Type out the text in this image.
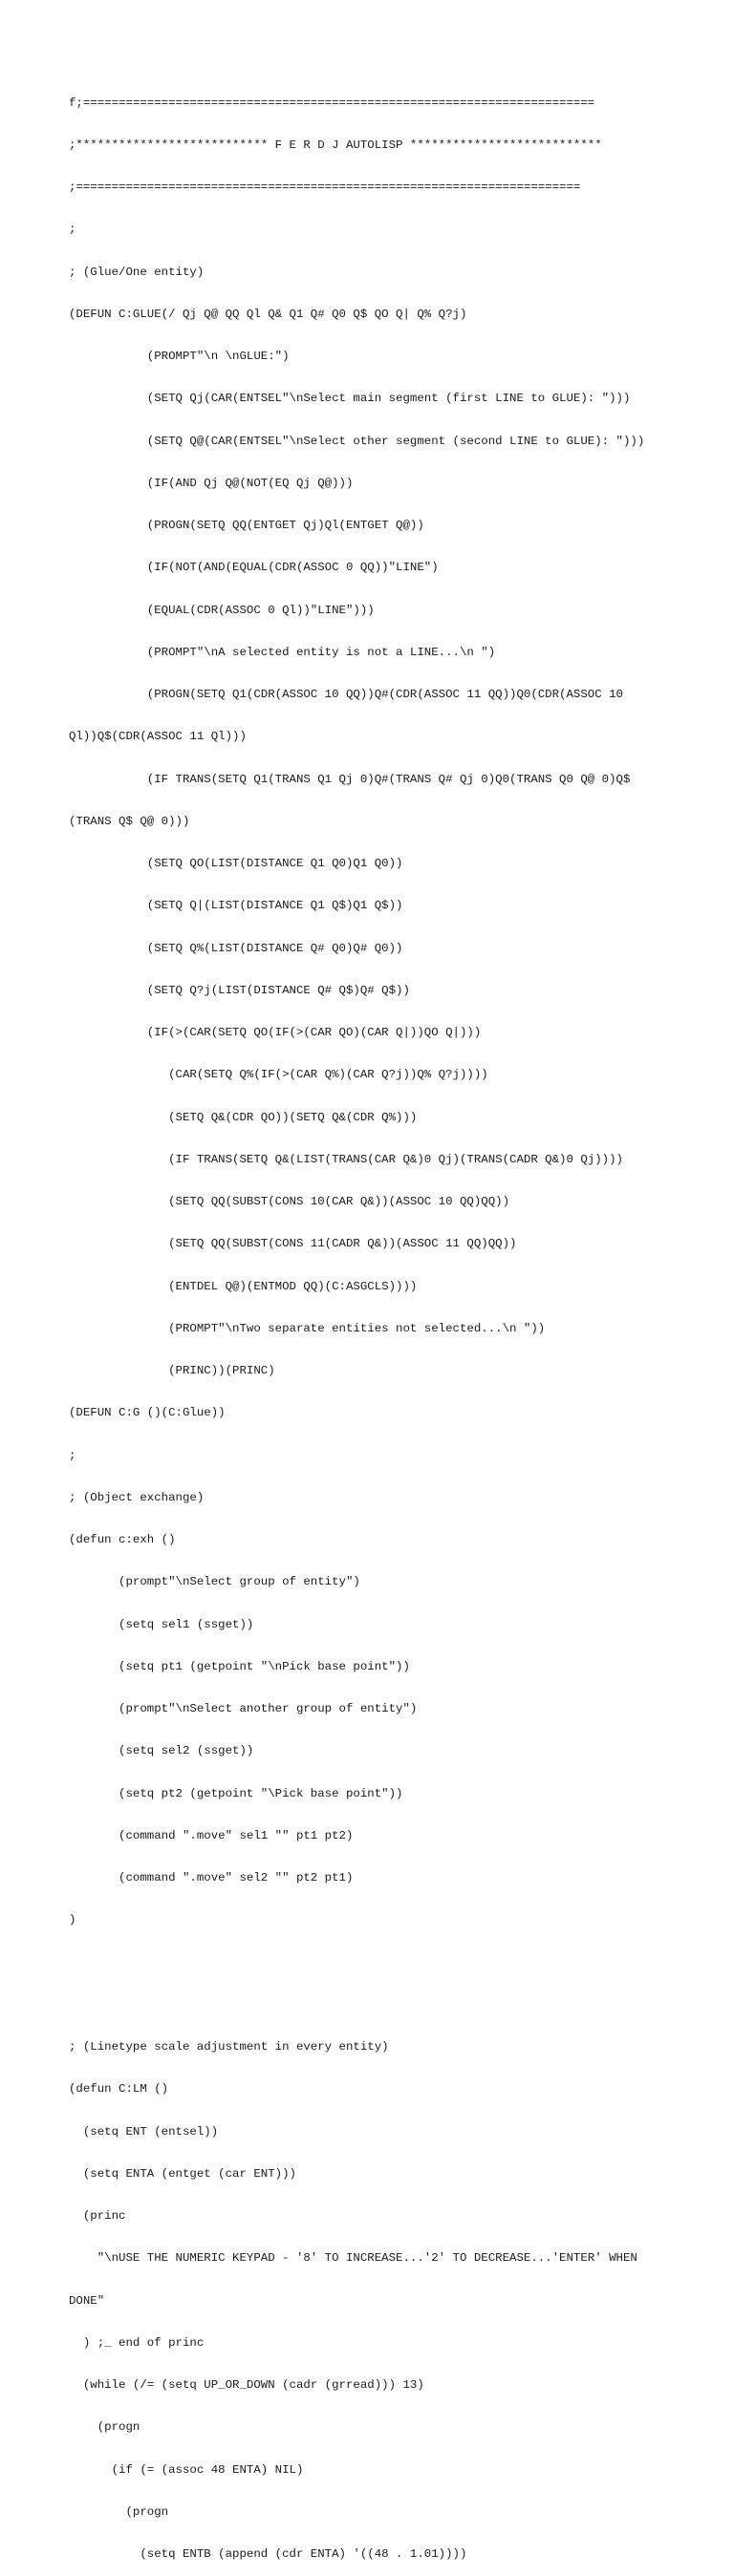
f;========================================================================

;*************************** F E R D J AUTOLISP ***************************

;=======================================================================

;

; (Glue/One entity)

(DEFUN C:GLUE(/ Qj Q@ QQ Ql Q& Q1 Q# Q0 Q$ QO Q| Q% Q?j)

(PROMPT"\n \nGLUE:")

(SETQ Qj(CAR(ENTSEL"\nSelect main segment (first LINE to GLUE): ")))

(SETQ Q@(CAR(ENTSEL"\nSelect other segment (second LINE to GLUE): ")))

(IF(AND Qj Q@(NOT(EQ Qj Q@)))

(PROGN(SETQ QQ(ENTGET Qj)Ql(ENTGET Q@))

(IF(NOT(AND(EQUAL(CDR(ASSOC 0 QQ))"LINE")

(EQUAL(CDR(ASSOC 0 Ql))"LINE")))

(PROMPT"\nA selected entity is not a LINE...\n ")

(PROGN(SETQ Q1(CDR(ASSOC 10 QQ))Q#(CDR(ASSOC 11 QQ))Q0(CDR(ASSOC 10

Ql))Q$(CDR(ASSOC 11 Ql)))

(IF TRANS(SETQ Q1(TRANS Q1 Qj 0)Q#(TRANS Q# Qj 0)Q0(TRANS Q0 Q@ 0)Q$

(TRANS Q$ Q@ 0)))

(SETQ QO(LIST(DISTANCE Q1 Q0)Q1 Q0))

(SETQ Q|(LIST(DISTANCE Q1 Q$)Q1 Q$))

(SETQ Q%(LIST(DISTANCE Q# Q0)Q# Q0))

(SETQ Q?j(LIST(DISTANCE Q# Q$)Q# Q$))

(IF(>(CAR(SETQ QO(IF(>(CAR QO)(CAR Q|))QO Q|)))

(CAR(SETQ Q%(IF(>(CAR Q%)(CAR Q?j))Q% Q?j))))

(SETQ Q&(CDR QO))(SETQ Q&(CDR Q%)))

(IF TRANS(SETQ Q&(LIST(TRANS(CAR Q&)0 Qj)(TRANS(CADR Q&)0 Qj))))

(SETQ QQ(SUBST(CONS 10(CAR Q&))(ASSOC 10 QQ)QQ))

(SETQ QQ(SUBST(CONS 11(CADR Q&))(ASSOC 11 QQ)QQ))

(ENTDEL Q@)(ENTMOD QQ)(C:ASGCLS))))

(PROMPT"\nTwo separate entities not selected...\n "))

(PRINC))(PRINC)

(DEFUN C:G ()(C:Glue))

;

; (Object exchange)

(defun c:exh ()

(prompt"\nSelect group of entity")

(setq sel1 (ssget))

(setq pt1 (getpoint "\nPick base point"))

(prompt"\nSelect another group of entity")

(setq sel2 (ssget))

(setq pt2 (getpoint "\Pick base point"))

(command ".move" sel1 "" pt1 pt2)

(command ".move" sel2 "" pt2 pt1)

)

; (Linetype scale adjustment in every entity)

(defun C:LM ()

(setq ENT (entsel))

(setq ENTA (entget (car ENT)))

(princ

"\nUSE THE NUMERIC KEYPAD - '8' TO INCREASE...'2' TO DECREASE...'ENTER' WHEN

DONE"

) ;_ end of princ

(while (/= (setq UP_OR_DOWN (cadr (grread))) 13)

(progn

(if (= (assoc 48 ENTA) NIL)

(progn

(setq ENTB (append (cdr ENTA) '((48 . 1.01))))
